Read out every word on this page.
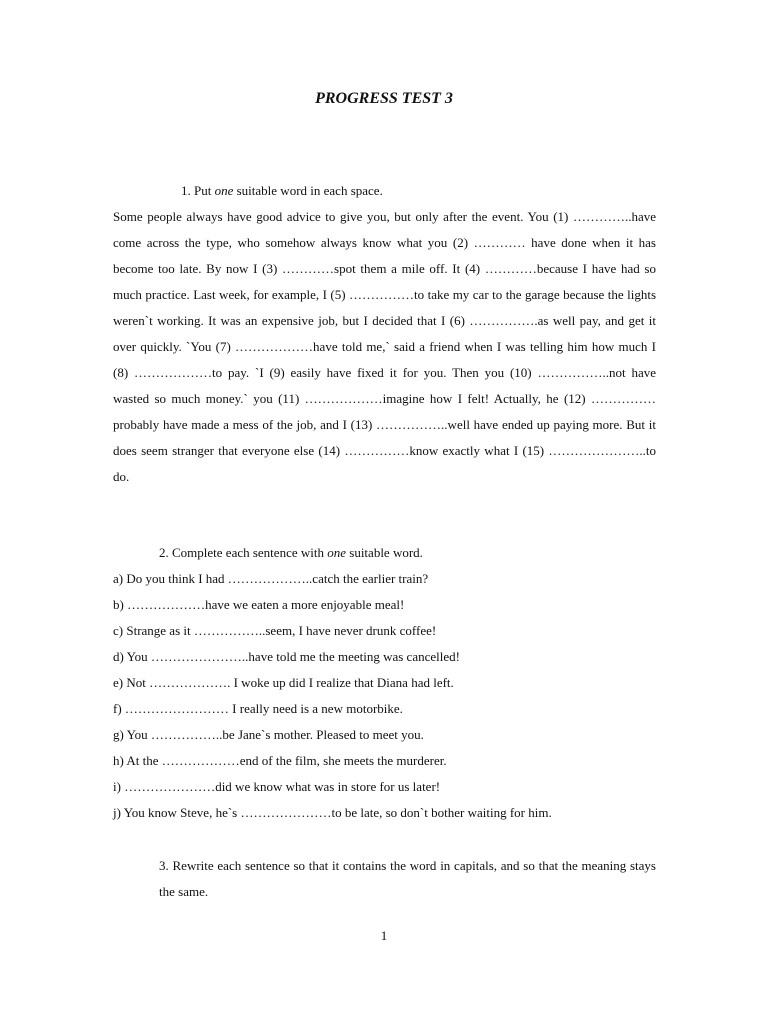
PROGRESS TEST 3

1. Put one suitable word in each space.

Some people always have good advice to give you, but only after the event. You (1) …………..have come across the type, who somehow always know what you (2) ………… have done when it has become too late. By now I (3) …………spot them a mile off. It (4) …………because I have had so much practice. Last week, for example, I (5) ……………to take my car to the garage because the lights weren`t working. It was an expensive job, but I decided that I (6) …………….as well pay, and get it over quickly. `You (7) ………………have told me,` said a friend when I was telling him how much I (8) ………………to pay. `I (9) easily have fixed it for you. Then you (10) ……………..not have wasted so much money.` you (11) ………………imagine how I felt! Actually, he (12) ……………probably have made a mess of the job, and I (13) ……………..well have ended up paying more. But it does seem stranger that everyone else (14) ……………know exactly what I (15) …………………..to do.

2. Complete each sentence with one suitable word.

a) Do you think I had ………………..catch the earlier train?

b) ………………have we eaten a more enjoyable meal!

c) Strange as it ……………..seem, I have never drunk coffee!

d) You …………………..have told me the meeting was cancelled!

e) Not ………………. I woke up did I realize that Diana had left.

f) …………………… I really need is a new motorbike.

g) You ……………..be Jane`s mother. Pleased to meet you.

h) At the ………………end of the film, she meets the murderer.

i) …………………did we know what was in store for us later!

j) You know Steve, he`s …………………to be late, so don`t bother waiting for him.

3. Rewrite each sentence so that it contains the word in capitals, and so that the meaning stays the same.

1
